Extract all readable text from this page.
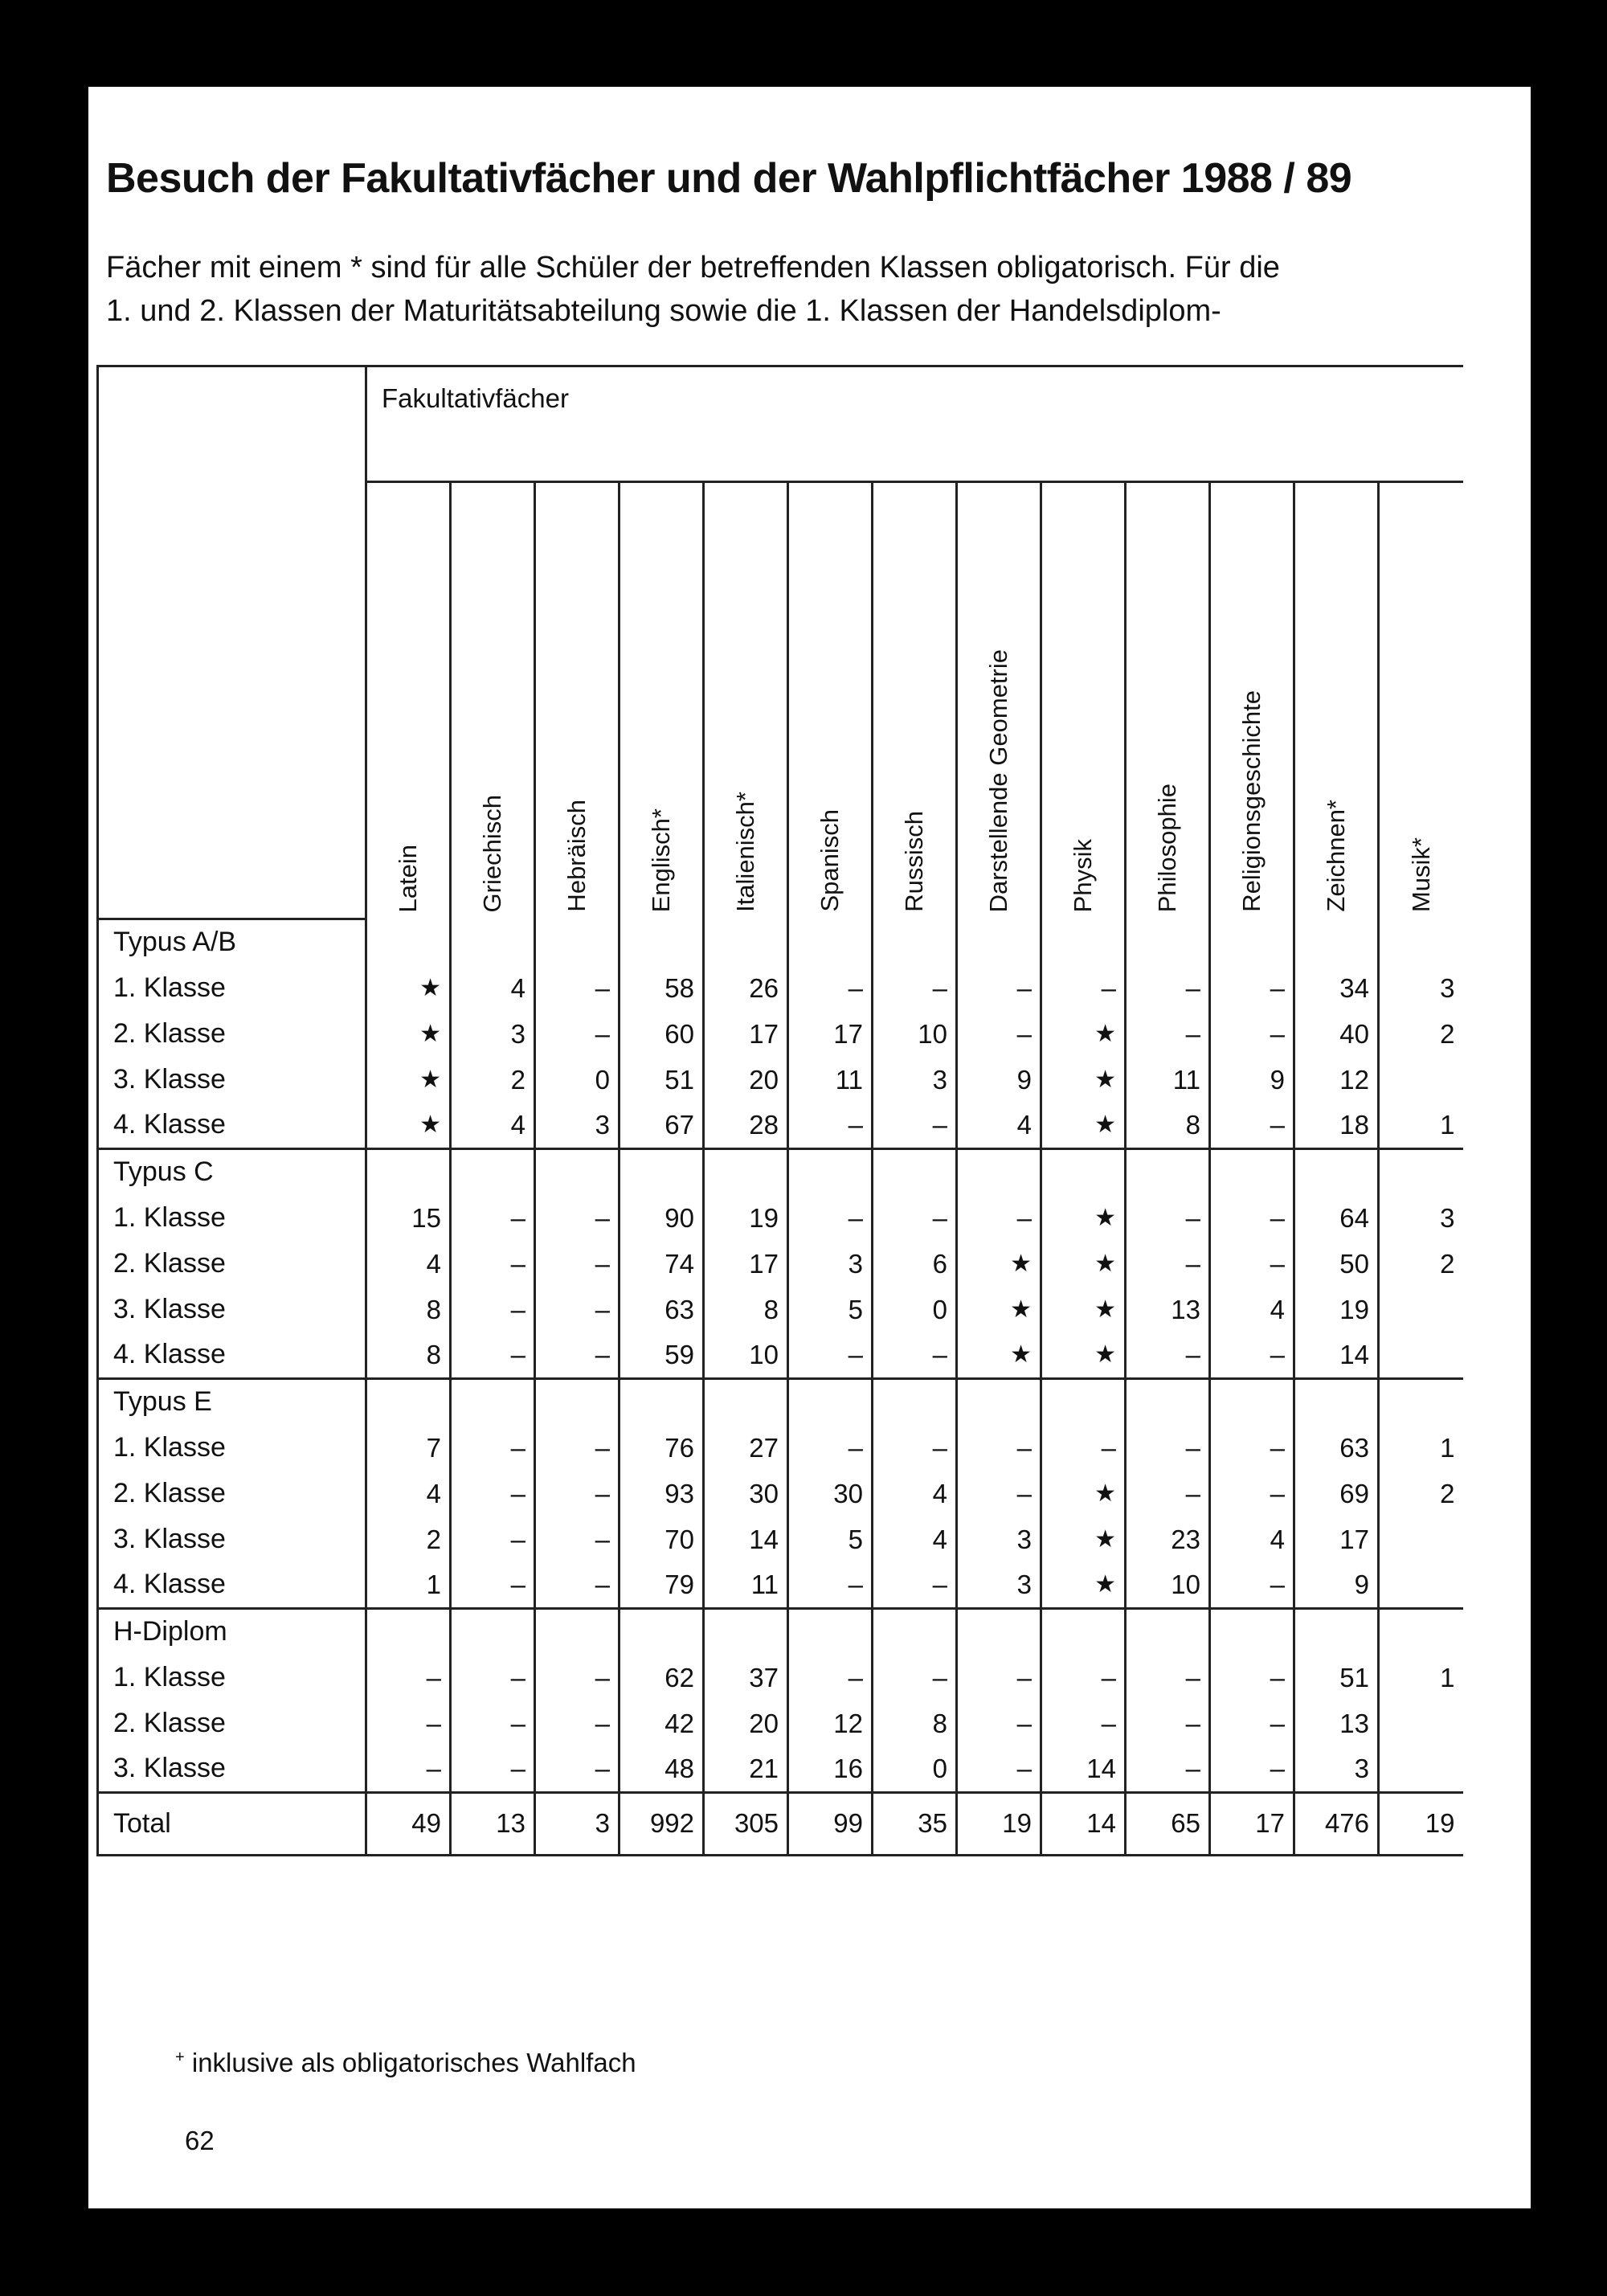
Besuch der Fakultativfächer und der Wahlpflichtfächer 1988 / 89
Fächer mit einem * sind für alle Schüler der betreffenden Klassen obligatorisch. Für die
1. und 2. Klassen der Maturitätsabteilung sowie die 1. Klassen der Handelsdiplom-
	Fakultativfächer												

	Latein	Griechisch	Hebräisch	Englisch*	Italienisch*	Spanisch	Russisch	Darstellende Geometrie	Physik	Philosophie	Religionsgeschichte	Zeichnen*	Musik*

Typus A/B													
1. Klasse	★	4	–	58	26	–	–	–	–	–	–	34	3
2. Klasse	★	3	–	60	17	17	10	–	★	–	–	40	2
3. Klasse	★	2	0	51	20	11	3	9	★	11	9	12	
4. Klasse	★	4	3	67	28	–	–	4	★	8	–	18	1
Typus C													
1. Klasse	15	–	–	90	19	–	–	–	★	–	–	64	3
2. Klasse	4	–	–	74	17	3	6	★	★	–	–	50	2
3. Klasse	8	–	–	63	8	5	0	★	★	13	4	19	
4. Klasse	8	–	–	59	10	–	–	★	★	–	–	14	
Typus E													
1. Klasse	7	–	–	76	27	–	–	–	–	–	–	63	1
2. Klasse	4	–	–	93	30	30	4	–	★	–	–	69	2
3. Klasse	2	–	–	70	14	5	4	3	★	23	4	17	
4. Klasse	1	–	–	79	11	–	–	3	★	10	–	9	
H-Diplom													
1. Klasse	–	–	–	62	37	–	–	–	–	–	–	51	1
2. Klasse	–	–	–	42	20	12	8	–	–	–	–	13	
3. Klasse	–	–	–	48	21	16	0	–	14	–	–	3	
Total	49	13	3	992	305	99	35	19	14	65	17	476	19
+ inklusive als obligatorisches Wahlfach
62
